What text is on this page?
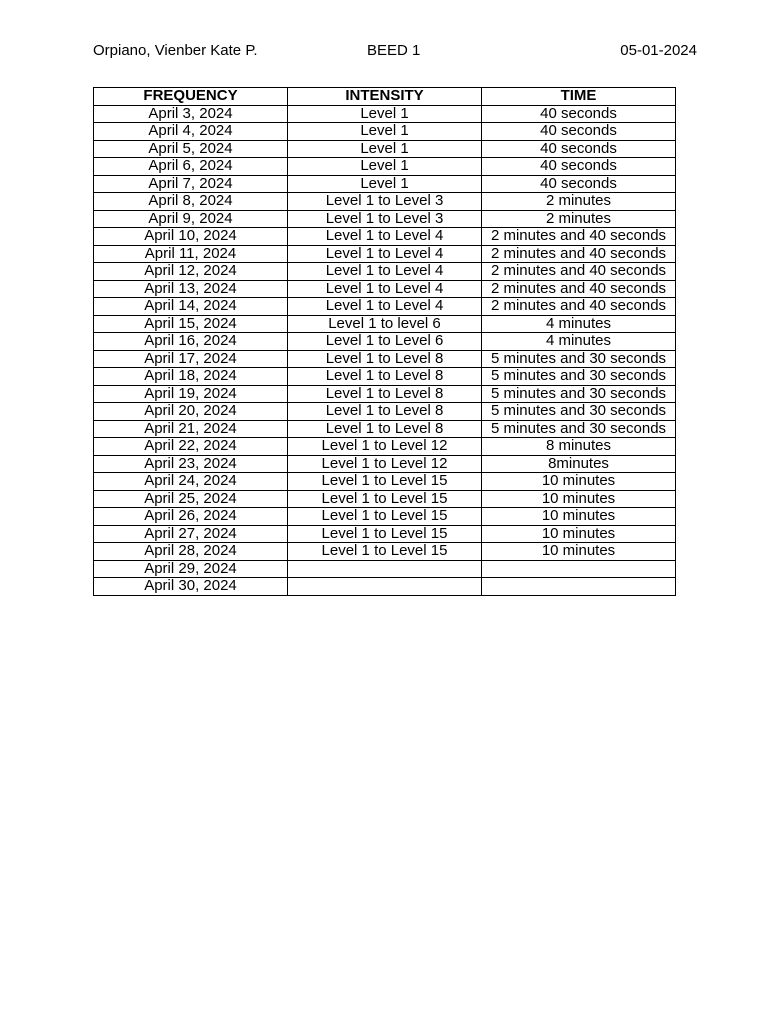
Orpiano, Vienber Kate P.	BEED 1	05-01-2024
FREQUENCY	INTENSITY	TIME
April 3, 2024	Level 1	40 seconds
April 4, 2024	Level 1	40 seconds
April 5, 2024	Level 1	40 seconds
April 6, 2024	Level 1	40 seconds
April 7, 2024	Level 1	40 seconds
April 8, 2024	Level 1 to Level 3	2 minutes
April 9, 2024	Level 1 to Level 3	2 minutes
April 10, 2024	Level 1 to Level 4	2 minutes and 40 seconds
April 11, 2024	Level 1 to Level 4	2 minutes and 40 seconds
April 12, 2024	Level 1 to Level 4	2 minutes and 40 seconds
April 13, 2024	Level 1 to Level 4	2 minutes and 40 seconds
April 14, 2024	Level 1 to Level 4	2 minutes and 40 seconds
April 15, 2024	Level 1 to level 6	4 minutes
April 16, 2024	Level 1 to Level 6	4 minutes
April 17, 2024	Level 1 to Level 8	5 minutes and 30 seconds
April 18, 2024	Level 1 to Level 8	5 minutes and 30 seconds
April 19, 2024	Level 1 to Level 8	5 minutes and 30 seconds
April 20, 2024	Level 1 to Level 8	5 minutes and 30 seconds
April 21, 2024	Level 1 to Level 8	5 minutes and 30 seconds
April 22, 2024	Level 1 to Level 12	8 minutes
April 23, 2024	Level 1 to Level 12	8minutes
April 24, 2024	Level 1 to Level 15	10 minutes
April 25, 2024	Level 1 to Level 15	10 minutes
April 26, 2024	Level 1 to Level 15	10 minutes
April 27, 2024	Level 1 to Level 15	10 minutes
April 28, 2024	Level 1 to Level 15	10 minutes
April 29, 2024		
April 30, 2024		
